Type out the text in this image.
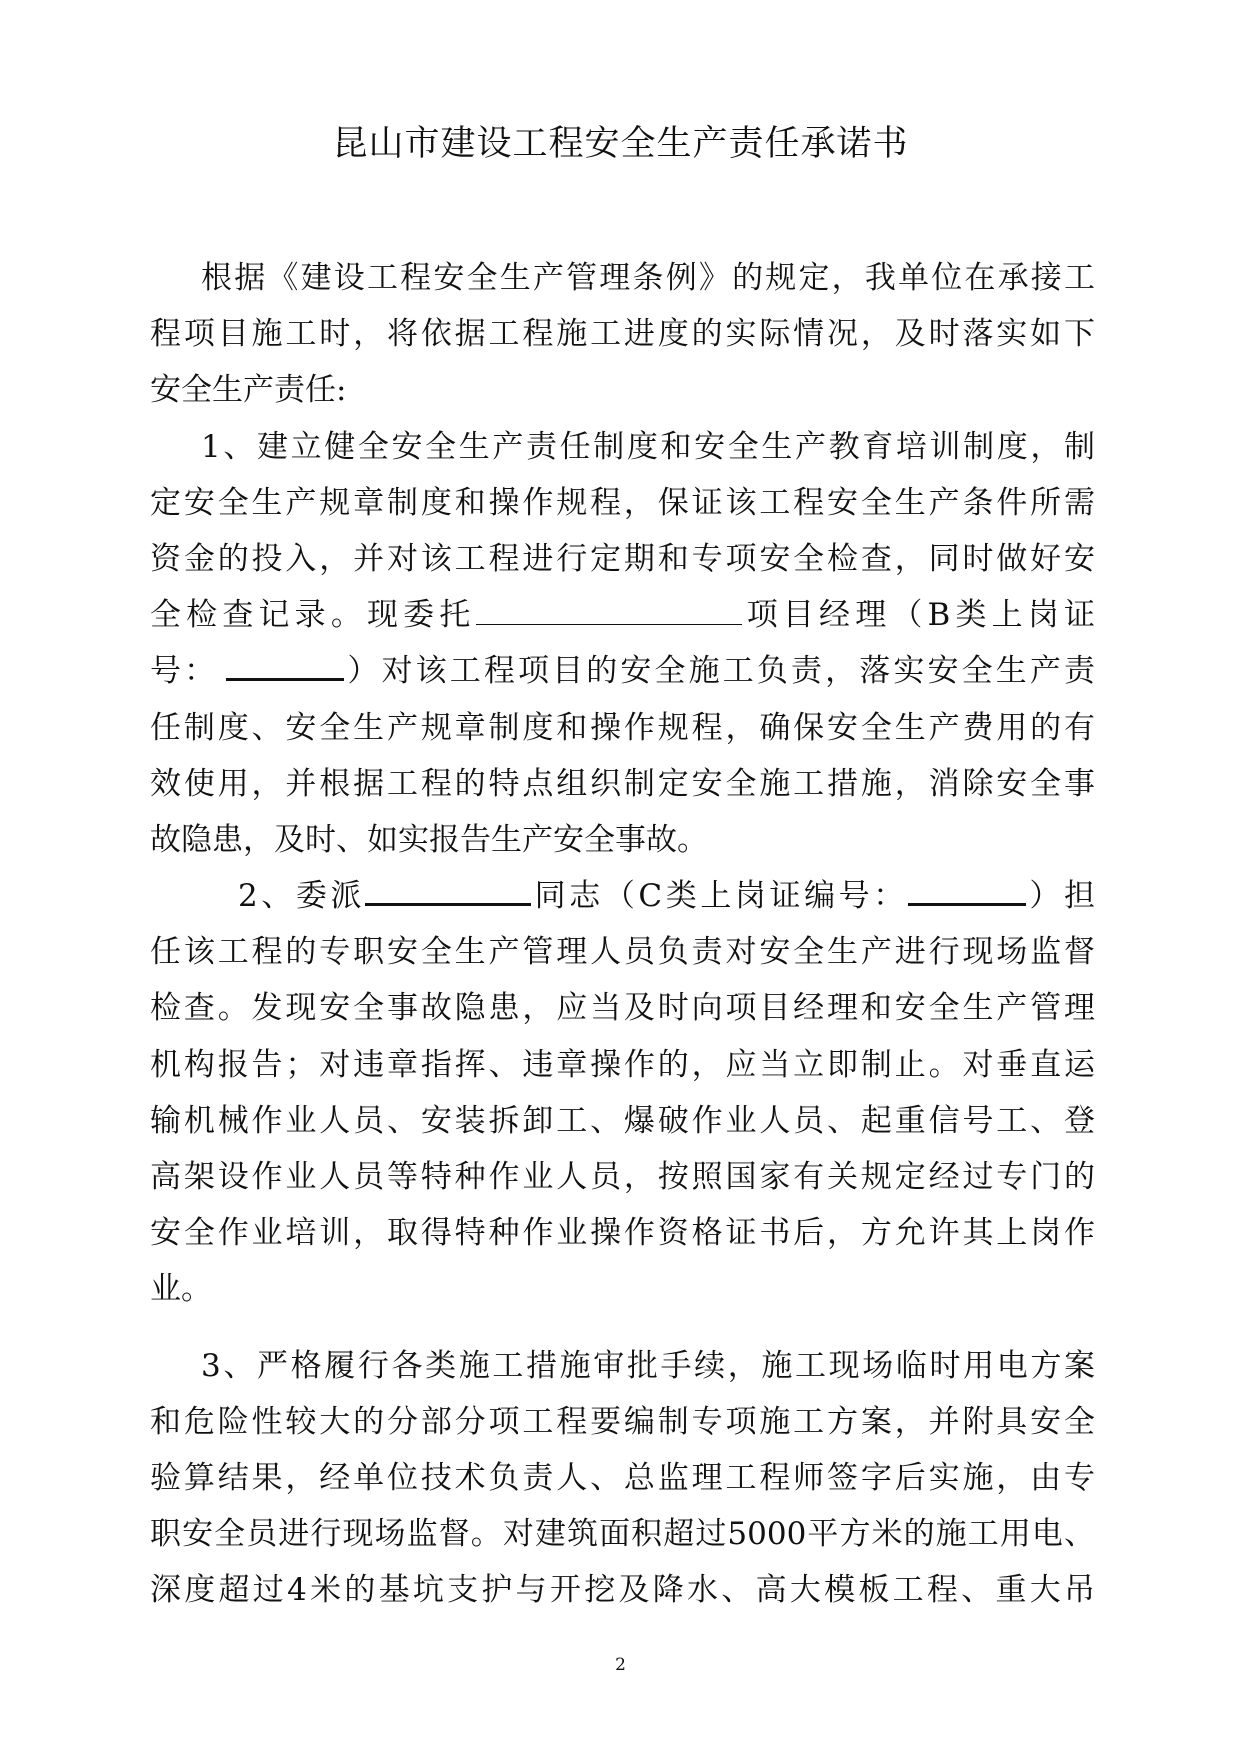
昆山市建设工程安全生产责任承诺书
根据《建设工程安全生产管理条例》的规定，我单位在承接工
程项目施工时，将依据工程施工进度的实际情况，及时落实如下
安全生产责任:
1、建立健全安全生产责任制度和安全生产教育培训制度，制
定安全生产规章制度和操作规程，保证该工程安全生产条件所需
资金的投入，并对该工程进行定期和专项安全检查，同时做好安
全检查记录。现委托	项目经理（B类上岗证
号：	）对该工程项目的安全施工负责，落实安全生产责
任制度、安全生产规章制度和操作规程，确保安全生产费用的有
效使用，并根据工程的特点组织制定安全施工措施，消除安全事
故隐患，及时、如实报告生产安全事故。
2、委派	同志（C类上岗证编号：	）担
任该工程的专职安全生产管理人员负责对安全生产进行现场监督
检查。发现安全事故隐患，应当及时向项目经理和安全生产管理
机构报告；对违章指挥、违章操作的，应当立即制止。对垂直运
输机械作业人员、安装拆卸工、爆破作业人员、起重信号工、登
高架设作业人员等特种作业人员，按照国家有关规定经过专门的
安全作业培训，取得特种作业操作资格证书后，方允许其上岗作
业。
3、严格履行各类施工措施审批手续，施工现场临时用电方案
和危险性较大的分部分项工程要编制专项施工方案，并附具安全
验算结果，经单位技术负责人、总监理工程师签字后实施，由专
职安全员进行现场监督。对建筑面积超过5000平方米的施工用电、
深度超过4米的基坑支护与开挖及降水、高大模板工程、重大吊
2
